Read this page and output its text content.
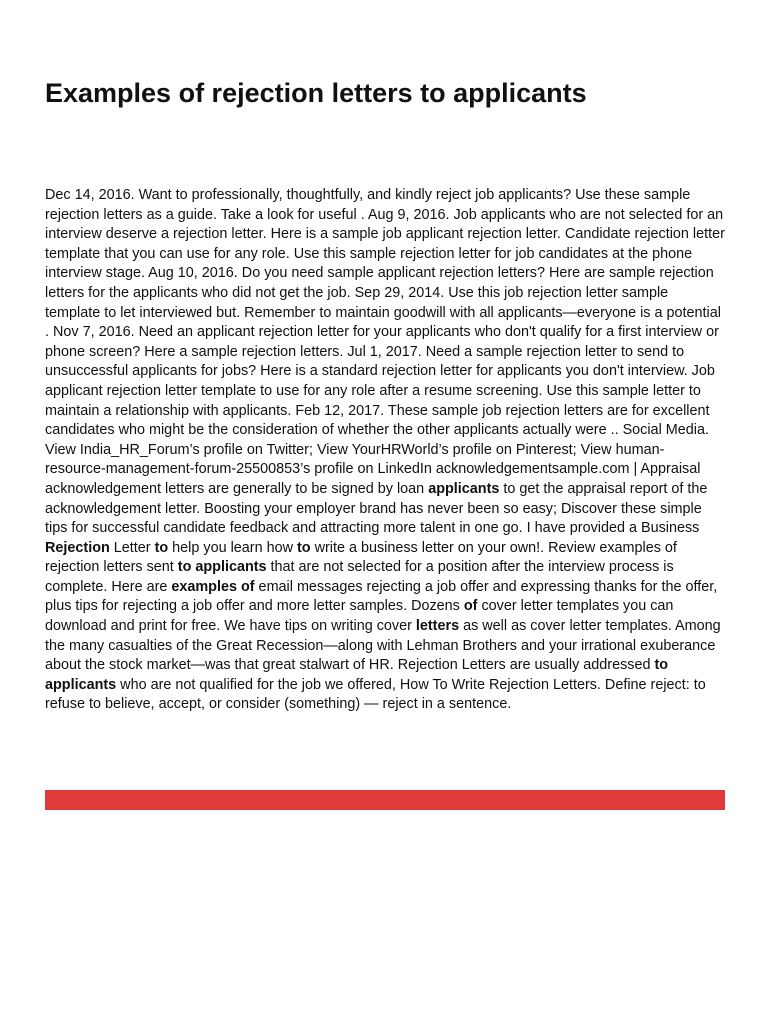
Examples of rejection letters to applicants

Dec 14, 2016. Want to professionally, thoughtfully, and kindly reject job applicants? Use these sample rejection letters as a guide. Take a look for useful . Aug 9, 2016. Job applicants who are not selected for an interview deserve a rejection letter. Here is a sample job applicant rejection letter. Candidate rejection letter template that you can use for any role. Use this sample rejection letter for job candidates at the phone interview stage. Aug 10, 2016. Do you need sample applicant rejection letters? Here are sample rejection letters for the applicants who did not get the job. Sep 29, 2014. Use this job rejection letter sample template to let interviewed but. Remember to maintain goodwill with all applicants—everyone is a potential . Nov 7, 2016. Need an applicant rejection letter for your applicants who don't qualify for a first interview or phone screen? Here a sample rejection letters. Jul 1, 2017. Need a sample rejection letter to send to unsuccessful applicants for jobs? Here is a standard rejection letter for applicants you don't interview. Job applicant rejection letter template to use for any role after a resume screening. Use this sample letter to maintain a relationship with applicants. Feb 12, 2017. These sample job rejection letters are for excellent candidates who might be the consideration of whether the other applicants actually were .. Social Media. View India_HR_Forum’s profile on Twitter; View YourHRWorld’s profile on Pinterest; View human-resource-management-forum-25500853’s profile on LinkedIn acknowledgementsample.com | Appraisal acknowledgement letters are generally to be signed by loan applicants to get the appraisal report of the acknowledgement letter. Boosting your employer brand has never been so easy; Discover these simple tips for successful candidate feedback and attracting more talent in one go. I have provided a Business Rejection Letter to help you learn how to write a business letter on your own!. Review examples of rejection letters sent to applicants that are not selected for a position after the interview process is complete. Here are examples of email messages rejecting a job offer and expressing thanks for the offer, plus tips for rejecting a job offer and more letter samples. Dozens of cover letter templates you can download and print for free. We have tips on writing cover letters as well as cover letter templates. Among the many casualties of the Great Recession—along with Lehman Brothers and your irrational exuberance about the stock market—was that great stalwart of HR. Rejection Letters are usually addressed to applicants who are not qualified for the job we offered, How To Write Rejection Letters. Define reject: to refuse to believe, accept, or consider (something) — reject in a sentence.
